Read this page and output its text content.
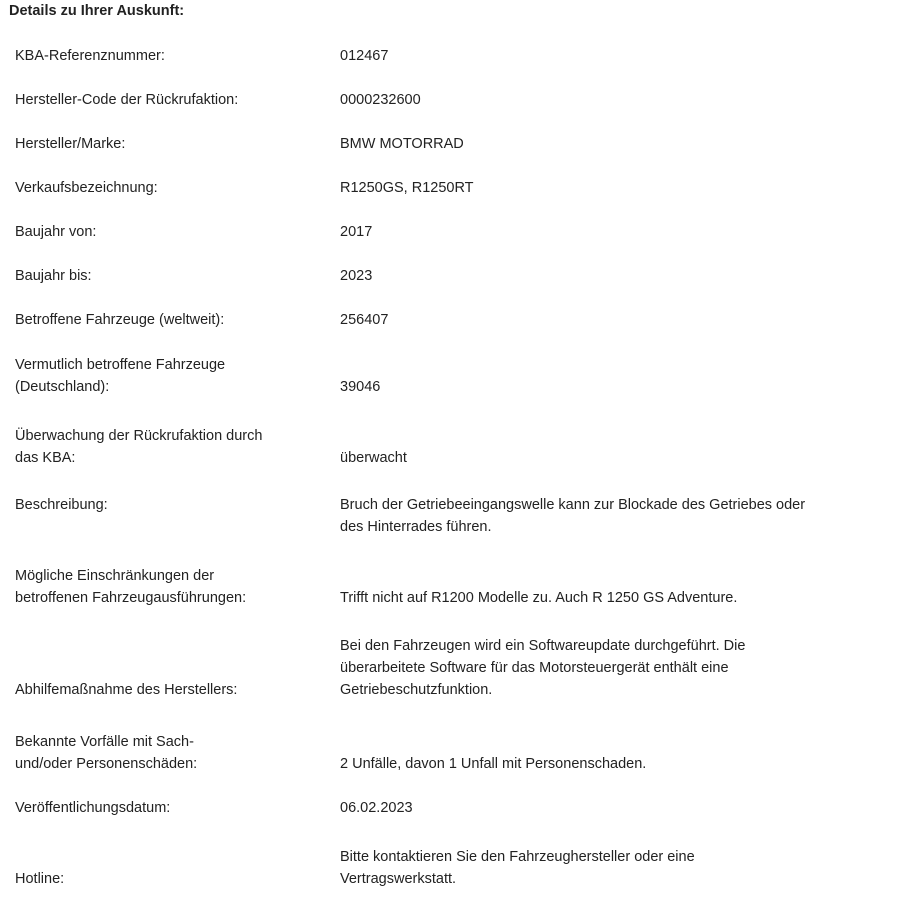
Details zu Ihrer Auskunft:
KBA-Referenznummer:	012467
Hersteller-Code der Rückrufaktion:	0000232600
Hersteller/Marke:	BMW MOTORRAD
Verkaufsbezeichnung:	R1250GS, R1250RT
Baujahr von:	2017
Baujahr bis:	2023
Betroffene Fahrzeuge (weltweit):	256407
Vermutlich betroffene Fahrzeuge
(Deutschland):	39046
Überwachung der Rückrufaktion durch
das KBA:	überwacht
Beschreibung:	Bruch der Getriebeeingangswelle kann zur Blockade des Getriebes oder
des Hinterrades führen.
Mögliche Einschränkungen der
betroffenen Fahrzeugausführungen:	Trifft nicht auf R1200 Modelle zu. Auch R 1250 GS Adventure.
Abhilfemaßnahme des Herstellers:
Bei den Fahrzeugen wird ein Softwareupdate durchgeführt. Die
überarbeitete Software für das Motorsteuergerät enthält eine
Getriebeschutzfunktion.
Bekannte Vorfälle mit Sach-
und/oder Personenschäden:	2 Unfälle, davon 1 Unfall mit Personenschaden.
Veröffentlichungsdatum:	06.02.2023
Hotline:
Bitte kontaktieren Sie den Fahrzeughersteller oder eine
Vertragswerkstatt.
